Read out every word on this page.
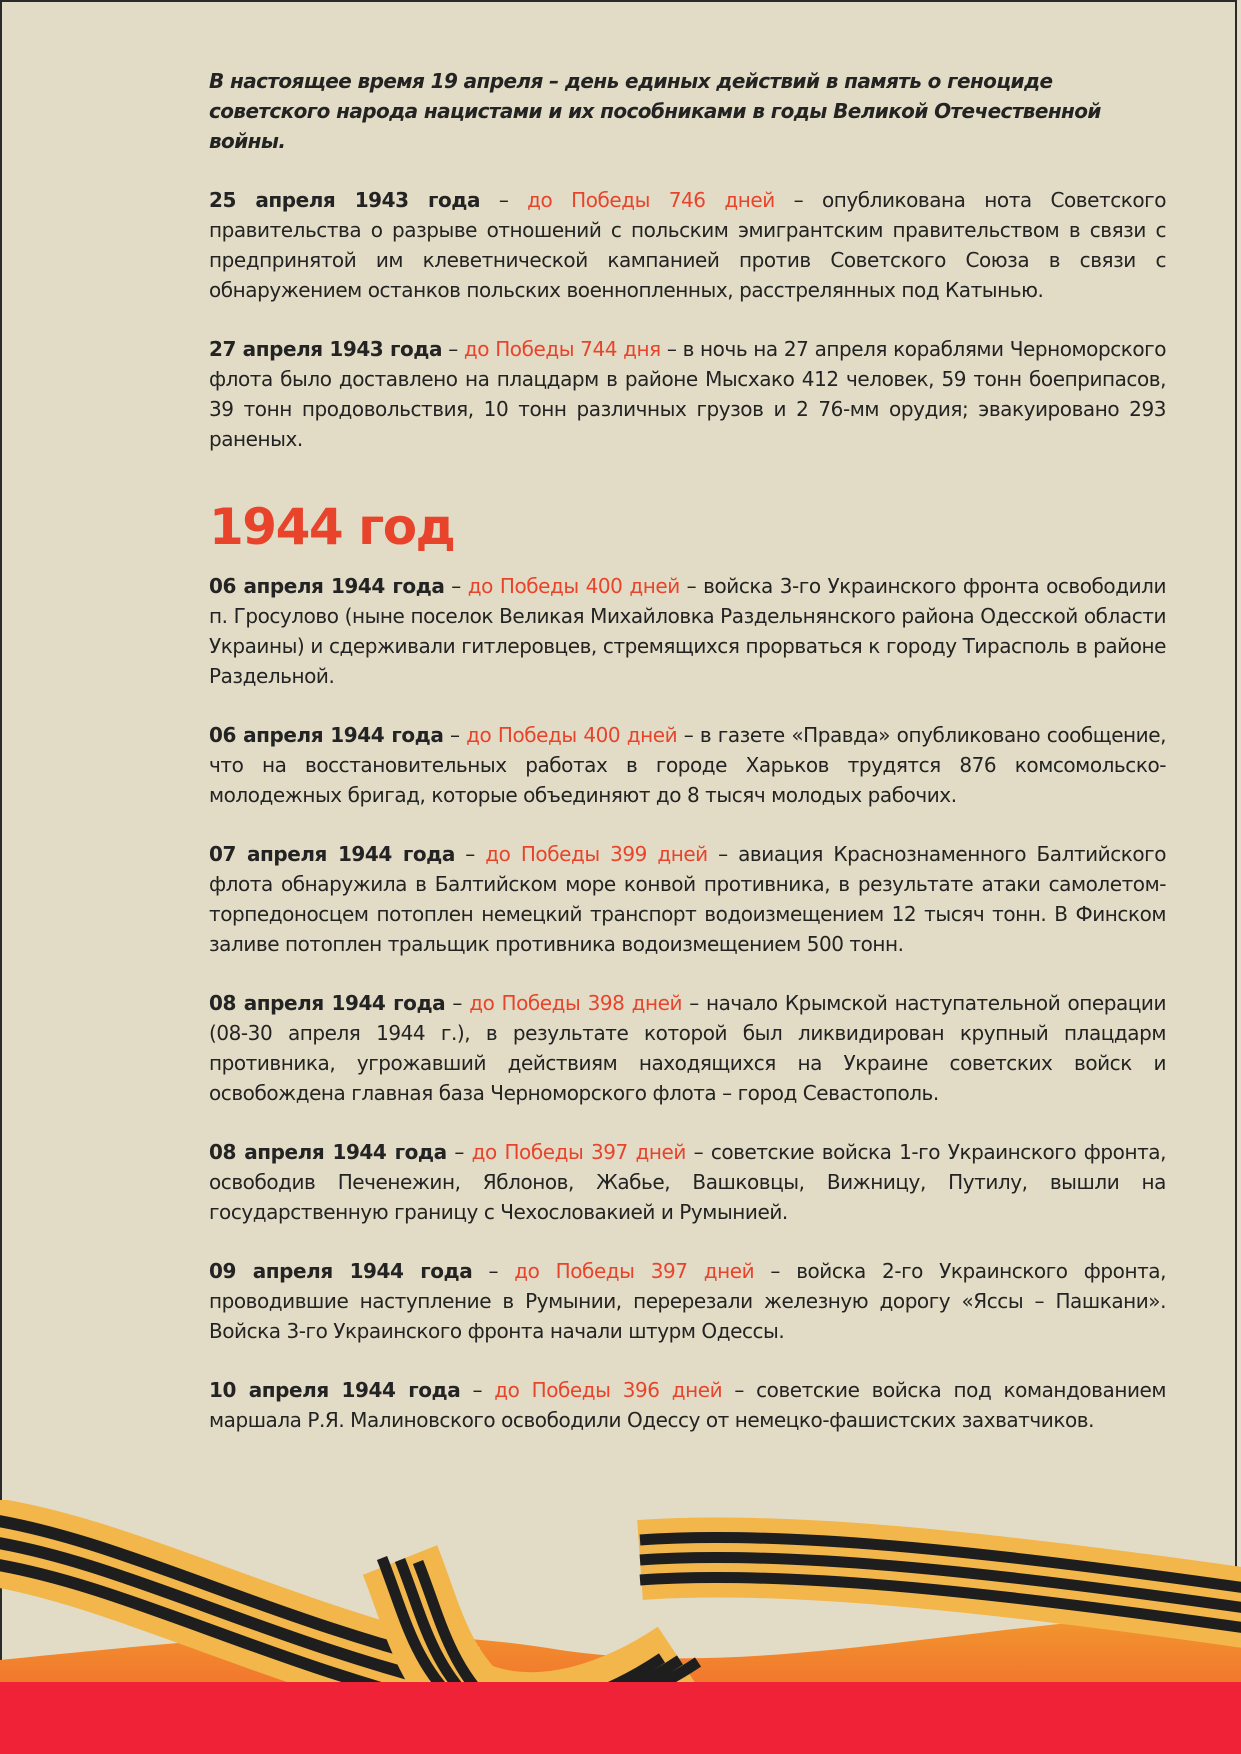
В настоящее время 19 апреля – день единых действий в память о геноциде советского народа нацистами и их пособниками в годы Великой Отечественной войны.

25 апреля 1943 года – до Победы 746 дней – опубликована нота Советского правительства о разрыве отношений с польским эмигрантским правительством в связи с предпринятой им клеветнической кампанией против Советского Союза в связи с обнаружением останков польских военнопленных, расстрелянных под Катынью.

27 апреля 1943 года – до Победы 744 дня – в ночь на 27 апреля кораблями Черноморского флота было доставлено на плацдарм в районе Мысхако 412 человек, 59 тонн боеприпасов, 39 тонн продовольствия, 10 тонн различных грузов и 2 76-мм орудия; эвакуировано 293 раненых.

1944 год

06 апреля 1944 года – до Победы 400 дней – войска 3-го Украинского фронта освободили п. Гросулово (ныне поселок Великая Михайловка Раздельнянского района Одесской области Украины) и сдерживали гитлеровцев, стремящихся прорваться к городу Тирасполь в районе Раздельной.

06 апреля 1944 года – до Победы 400 дней – в газете «Правда» опубликовано сообщение, что на восстановительных работах в городе Харьков трудятся 876 комсомольско-молодежных бригад, которые объединяют до 8 тысяч молодых рабочих.

07 апреля 1944 года – до Победы 399 дней – авиация Краснознаменного Балтийского флота обнаружила в Балтийском море конвой противника, в результате атаки самолетом-торпедоносцем потоплен немецкий транспорт водоизмещением 12 тысяч тонн. В Финском заливе потоплен тральщик противника водоизмещением 500 тонн.

08 апреля 1944 года – до Победы 398 дней – начало Крымской наступательной операции (08-30 апреля 1944 г.), в результате которой был ликвидирован крупный плацдарм противника, угрожавший действиям находящихся на Украине советских войск и освобождена главная база Черноморского флота – город Севастополь.

08 апреля 1944 года – до Победы 397 дней – советские войска 1-го Украинского фронта, освободив Печенежин, Яблонов, Жабье, Вашковцы, Вижницу, Путилу, вышли на государственную границу с Чехословакией и Румынией.

09 апреля 1944 года – до Победы 397 дней – войска 2-го Украинского фронта, проводившие наступление в Румынии, перерезали железную дорогу «Яссы – Пашкани». Войска 3-го Украинского фронта начали штурм Одессы.

10 апреля 1944 года – до Победы 396 дней – советские войска под командованием маршала Р.Я. Малиновского освободили Одессу от немецко-фашистских захватчиков.
